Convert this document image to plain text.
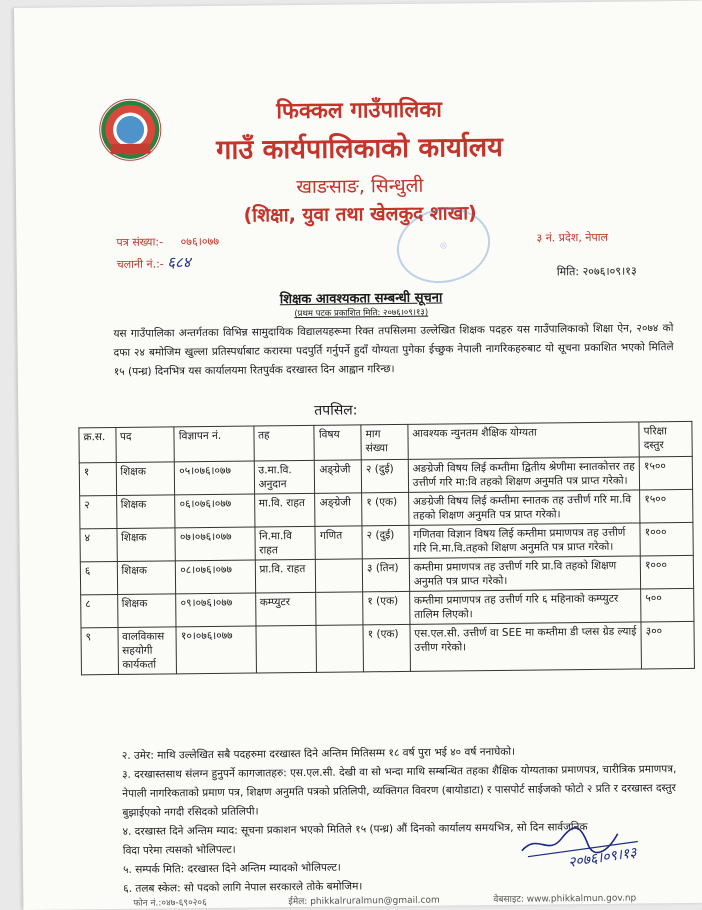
फिक्कल गाउँपालिका
गाउँ कार्यपालिकाको कार्यालय
खाङसाङ, सिन्धुली
(शिक्षा, युवा तथा खेलकुद शाखा)
◎
पत्र संख्या:- ०७६।०७७
चलानी नं.:- ६८४
३ नं. प्रदेश, नेपाल
मिति: २०७६।०९।१३
शिक्षक आवश्यकता सम्बन्धी सूचना
(प्रथम पटक प्रकाशित मिति: २०७६।०९।१३)
यस गाउँपालिका अन्तर्गतका विभिन्न सामुदायिक विद्यालयहरूमा रिक्त तपसिलमा उल्लेखित शिक्षक पदहरु यस गाउँपालिकाको शिक्षा ऐन, २०७४ को दफा २४ बमोजिम खुल्ला प्रतिस्पर्धाबाट करारमा पदपुर्ति गर्नुपर्ने हुदाँ योग्यता पुगेका ईच्छुक नेपाली नागरिकहरुबाट यो सूचना प्रकाशित भएको मितिले १५ (पन्ध्र) दिनभित्र यस कार्यालयमा रितपुर्वक दरखास्त दिन आह्वान गरिन्छ।
तपसिल:
क्र.स.	पद	विज्ञापन नं.	तह	विषय	माग संख्या	आवश्यक न्युनतम शैक्षिक योग्यता	परिक्षा दस्तुर
१	शिक्षक	०५।०७६।०७७	उ.मा.वि. अनुदान	अङ्ग्रेजी	२ (दुई)	अङग्रेजी विषय लिई कम्तीमा द्वितीय श्रेणीमा स्नातकोत्तर तह उत्तीर्ण गरि मा:वि तहको शिक्षण अनुमति पत्र प्राप्त गरेको।	१५००
२	शिक्षक	०६।०७६।०७७	मा.वि. राहत	अङ्ग्रेजी	१ (एक)	अङग्रेजी विषय लिई कम्तीमा स्नातक तह उत्तीर्ण गरि मा.वि तहको शिक्षण अनुमति पत्र प्राप्त गरेको।	१५००
४	शिक्षक	०७।०७६।०७७	नि.मा.वि राहत	गणित	२ (दुई)	गणितवा विज्ञान विषय लिई कम्तीमा प्रमाणपत्र तह उत्तीर्ण गरि नि.मा.वि.तहको शिक्षण अनुमति पत्र प्राप्त गरेको।	१०००
६	शिक्षक	०८।०७६।०७७	प्रा.वि. राहत		३ (तिन)	कम्तीमा प्रमाणपत्र तह उत्तीर्ण गरि प्रा.वि तहको शिक्षण अनुमति पत्र प्राप्त गरेको।	१०००
८	शिक्षक	०९।०७६।०७७	कम्प्युटर		१ (एक)	कम्तीमा प्रमाणपत्र तह उत्तीर्ण गरि ६ महिनाको कम्प्युटर तालिम लिएको।	५००
९	वालविकास सहयोगी कार्यकर्ता	१०।०७६।०७७			१ (एक)	एस.एल.सी. उत्तीर्ण वा SEE मा कम्तीमा डी प्लस ग्रेड ल्याई उत्तीण गरेको।	३००
२. उमेर: माथि उल्लेखित सबै पदहरुमा दरखास्त दिने अन्तिम मितिसम्म १८ वर्ष पुरा भई ४० वर्ष ननाघेको।
३. दरखास्तसाथ संलग्न हुनुपर्ने कागजातहरु: एस.एल.सी. देखी वा सो भन्दा माथि सम्बन्धित तहका शैक्षिक योग्यताका प्रमाणपत्र, चारीत्रिक प्रमाणपत्र, नेपाली नागरिकताको प्रमाण पत्र, शिक्षण अनुमति पत्रको प्रतिलिपी, व्यक्तिगत विवरण (बायोडाटा) र पासपोर्ट साईजको फोटो २ प्रति र दरखास्त दस्तुर बुझाईएको नगदी रसिदको प्रतिलिपी।
४. दरखास्त दिने अन्तिम म्याद: सूचना प्रकाशन भएको मितिले १५ (पन्ध्र) औं दिनको कार्यालय समयभित्र, सो दिन सार्वजनिक विदा परेमा त्यसको भोलिपल्ट।
५. सम्पर्क मिति: दरखास्त दिने अन्तिम म्यादको भोलिपल्ट।
६. तलब स्केल: सो पदको लागि नेपाल सरकारले तोके बमोजिम।
२०७६।०९।१३
फोन नं.:०४७-६९०२०६	ईमेल: phikkalruralmun@gmail.com	वेबसाइट: www.phikkalmun.gov.np
